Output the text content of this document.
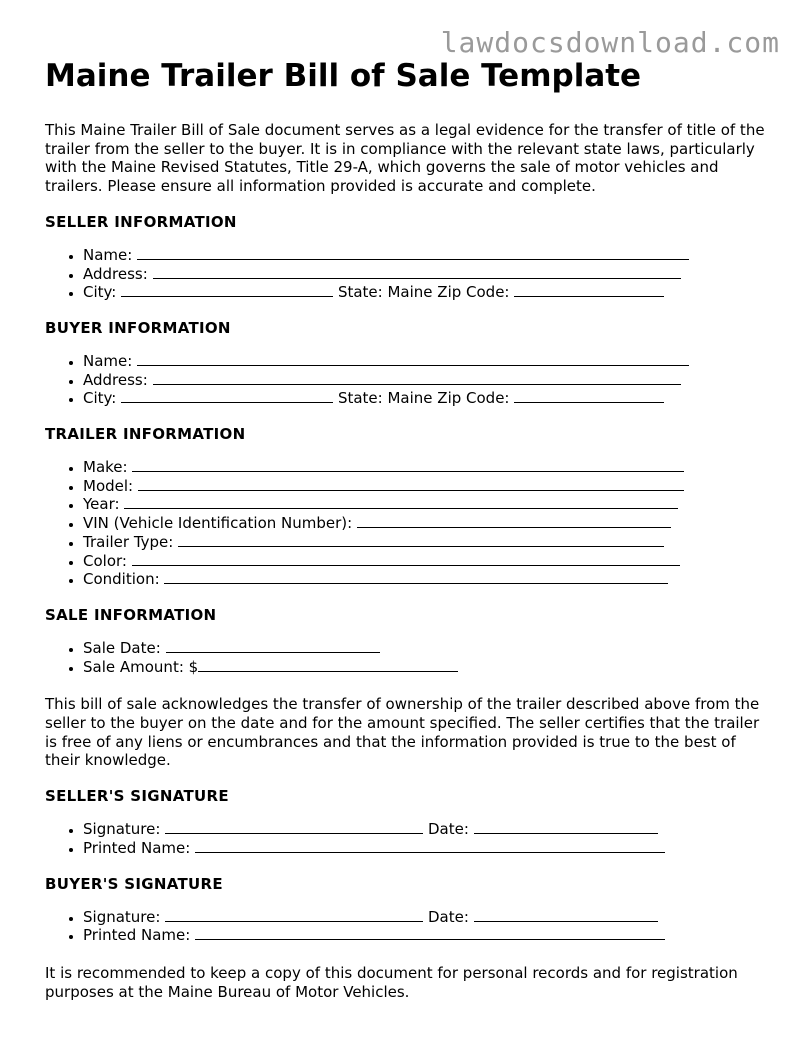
lawdocsdownload.com
Maine Trailer Bill of Sale Template

This Maine Trailer Bill of Sale document serves as a legal evidence for the transfer of title of the trailer from the seller to the buyer. It is in compliance with the relevant state laws, particularly with the Maine Revised Statutes, Title 29-A, which governs the sale of motor vehicles and trailers. Please ensure all information provided is accurate and complete.

SELLER INFORMATION
• Name:
• Address:
• City:	State: Maine Zip Code:
BUYER INFORMATION
• Name:
• Address:
• City:	State: Maine Zip Code:
TRAILER INFORMATION
• Make:
• Model:
• Year:
• VIN (Vehicle Identification Number):
• Trailer Type:
• Color:
• Condition:
SALE INFORMATION
• Sale Date:
• Sale Amount: $

This bill of sale acknowledges the transfer of ownership of the trailer described above from the seller to the buyer on the date and for the amount specified. The seller certifies that the trailer is free of any liens or encumbrances and that the information provided is true to the best of their knowledge.

SELLER'S SIGNATURE
• Signature:	Date:
• Printed Name:
BUYER'S SIGNATURE
• Signature:	Date:
• Printed Name:

It is recommended to keep a copy of this document for personal records and for registration purposes at the Maine Bureau of Motor Vehicles.
